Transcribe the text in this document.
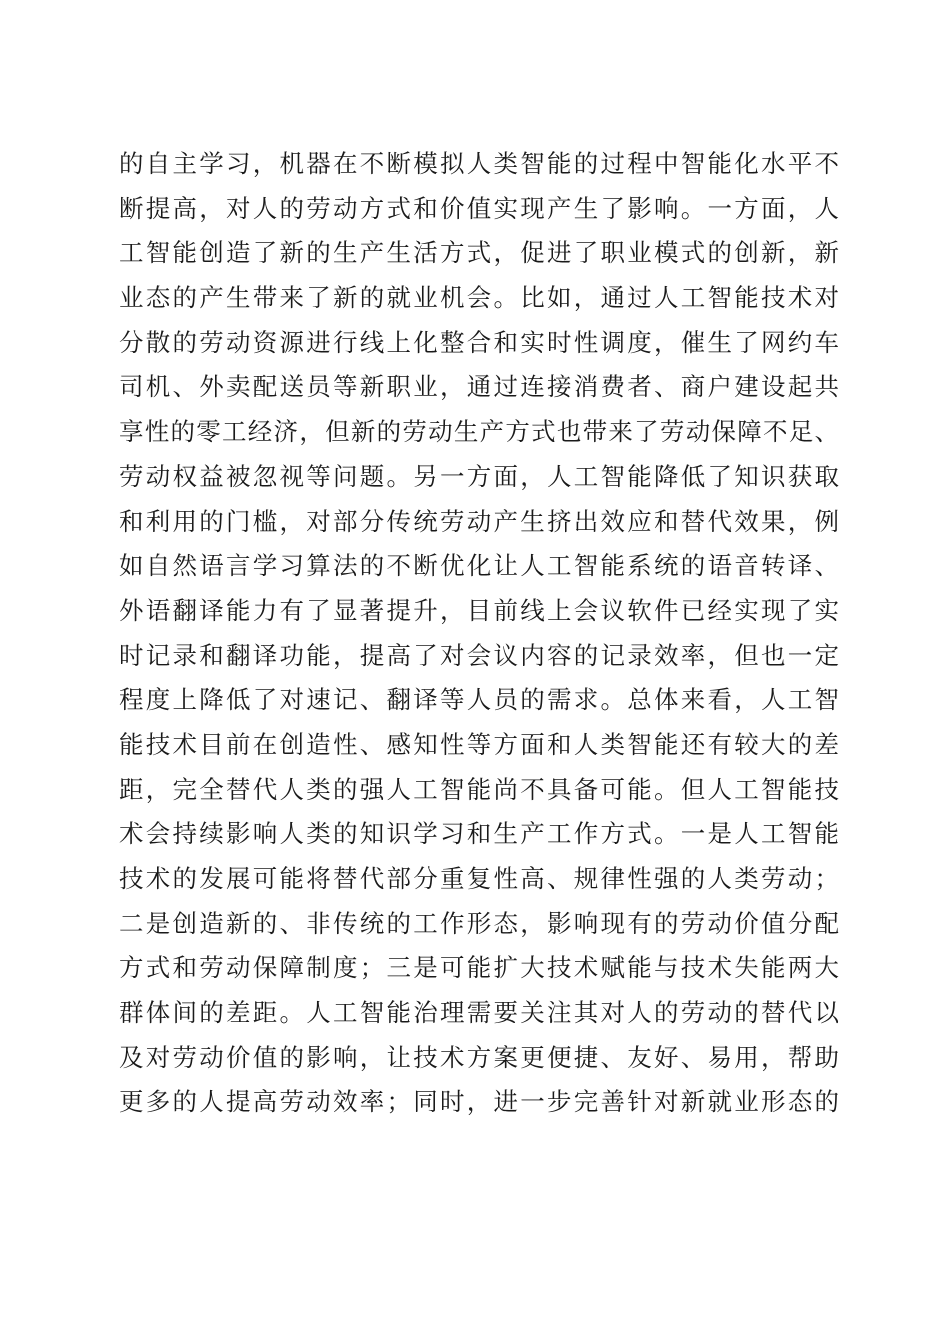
的自主学习，机器在不断模拟人类智能的过程中智能化水平不
断提高，对人的劳动方式和价值实现产生了影响。一方面，人
工智能创造了新的生产生活方式，促进了职业模式的创新，新
业态的产生带来了新的就业机会。比如，通过人工智能技术对
分散的劳动资源进行线上化整合和实时性调度，催生了网约车
司机、外卖配送员等新职业，通过连接消费者、商户建设起共
享性的零工经济，但新的劳动生产方式也带来了劳动保障不足、
劳动权益被忽视等问题。另一方面，人工智能降低了知识获取
和利用的门槛，对部分传统劳动产生挤出效应和替代效果，例
如自然语言学习算法的不断优化让人工智能系统的语音转译、
外语翻译能力有了显著提升，目前线上会议软件已经实现了实
时记录和翻译功能，提高了对会议内容的记录效率，但也一定
程度上降低了对速记、翻译等人员的需求。总体来看，人工智
能技术目前在创造性、感知性等方面和人类智能还有较大的差
距，完全替代人类的强人工智能尚不具备可能。但人工智能技
术会持续影响人类的知识学习和生产工作方式。一是人工智能
技术的发展可能将替代部分重复性高、规律性强的人类劳动；
二是创造新的、非传统的工作形态，影响现有的劳动价值分配
方式和劳动保障制度；三是可能扩大技术赋能与技术失能两大
群体间的差距。人工智能治理需要关注其对人的劳动的替代以
及对劳动价值的影响，让技术方案更便捷、友好、易用，帮助
更多的人提高劳动效率；同时，进一步完善针对新就业形态的
